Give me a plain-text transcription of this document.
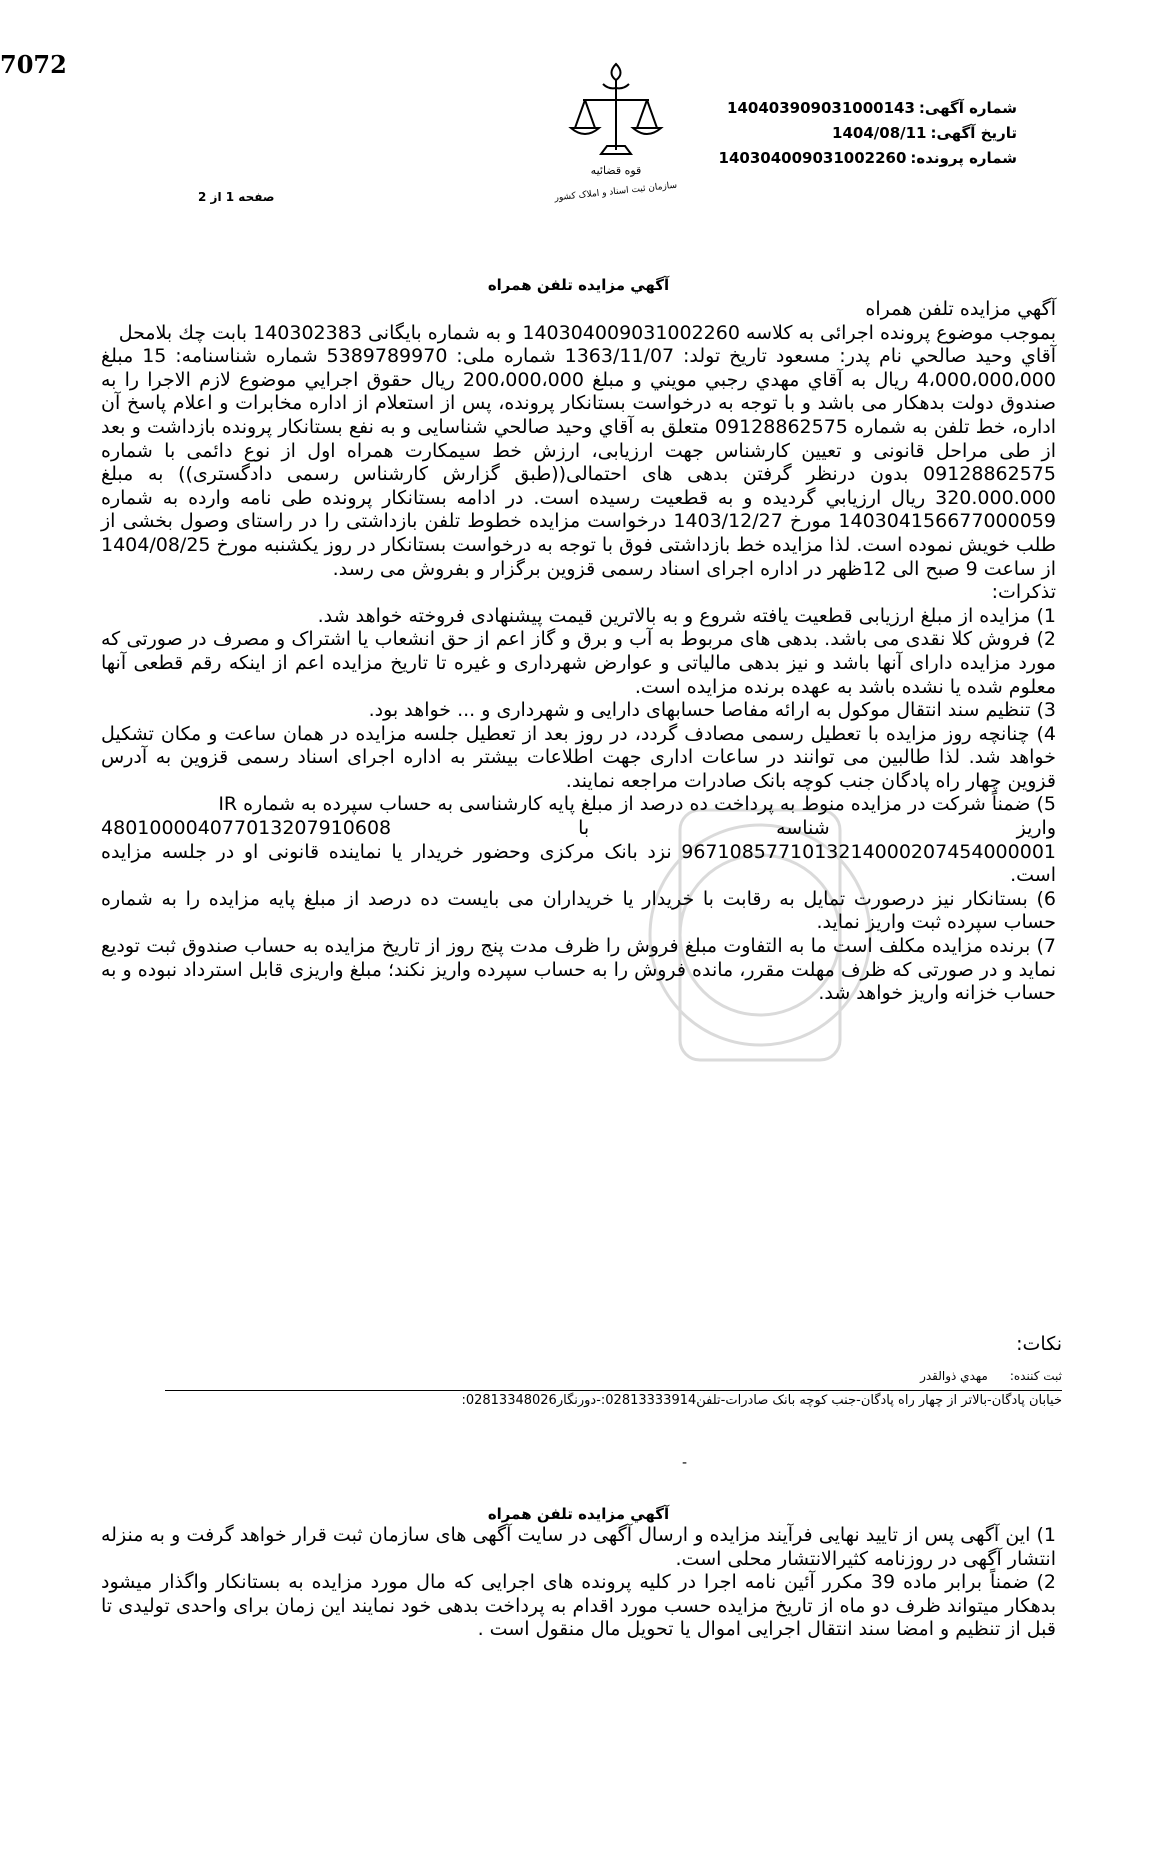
7072
شماره آگهی:140403909031000143
تاریخ آگهی:1404/08/11
شماره پرونده:140304009031002260
صفحه 1 از 2
قوه قضائیه
سازمان ثبت اسناد و املاک کشور
آگهي مزايده تلفن همراه

آگهي مزايده تلفن همراه

بموجب موضوع پرونده اجرائی به کلاسه 140304009031002260 و به شماره بایگانی 140302383 بابت چك بلامحل

آقاي وحيد صالحي نام پدر: مسعود تاريخ تولد: 1363/11/07 شماره ملی: 5389789970 شماره شناسنامه: 15 مبلغ 4،000،000،000 ريال به آقاي مهدي رجبي مويني و مبلغ 200،000،000 ريال حقوق اجرايي موضوع لازم الاجرا را به صندوق دولت بدهکار می باشد و با توجه به درخواست بستانكار پرونده، پس از استعلام از اداره مخابرات و اعلام پاسخ آن اداره، خط تلفن به شماره 09128862575 متعلق به آقاي وحيد صالحي شناسايی و به نفع بستانکار پرونده بازداشت و بعد از طی مراحل قانونی و تعيين كارشناس جهت ارزيابی، ارزش خط سيمكارت همراه اول از نوع دائمی با شماره 09128862575 بدون درنظر گرفتن بدهی های احتمالی((طبق گزارش كارشناس رسمی دادگستری)) به مبلغ 320.000.000 ريال ارزيابي گرديده و به قطعيت رسيده است. در ادامه بستانكار پرونده طی نامه وارده به شماره 140304156677000059 مورخ 1403/12/27 درخواست مزايده خطوط تلفن بازداشتی را در راستای وصول بخشی از طلب خويش نموده است. لذا مزايده خط بازداشتی فوق با توجه به درخواست بستانكار در روز يكشنبه مورخ 1404/08/25 از ساعت 9 صبح الی 12ظهر در اداره اجرای اسناد رسمی قزوين برگزار و بفروش می رسد.

تذکرات:

1) مزايده از مبلغ ارزيابی قطعيت يافته شروع و به بالاترين قيمت پيشنهادی فروخته خواهد شد.

2) فروش كلا نقدی می باشد. بدهی های مربوط به آب و برق و گاز اعم از حق انشعاب يا اشتراک و مصرف در صورتی كه مورد مزايده دارای آنها باشد و نيز بدهی مالياتی و عوارض شهرداری و غيره تا تاريخ مزايده اعم از اينكه رقم قطعی آنها معلوم شده يا نشده باشد به عهده برنده مزايده است.

3) تنظيم سند انتقال موکول به ارائه مفاصا حسابهای دارايی و شهرداری و ... خواهد بود.

4) چنانچه روز مزايده با تعطيل رسمی مصادف گردد، در روز بعد از تعطيل جلسه مزايده در همان ساعت و مكان تشكيل خواهد شد. لذا طالبين می توانند در ساعات اداری جهت اطلاعات بيشتر به اداره اجرای اسناد رسمی قزوين به آدرس قزوين چهار راه پادگان جنب كوچه بانک صادرات مراجعه نمايند.

5) ضمناً شركت در مزايده منوط به پرداخت ده درصد از مبلغ پايه كارشناسی به حساب سپرده به شماره IR

واريز
شناسه
با
480100004077013207910608

9671085771013214000207454000001 نزد بانک مرکزی وحضور خريدار يا نماينده قانونی او در جلسه مزايده است.

6) بستانكار نيز درصورت تمايل به رقابت با خريدار يا خريداران می بايست ده درصد از مبلغ پايه مزايده را به شماره حساب سپرده ثبت واريز نمايد.

7) برنده مزايده مكلف است ما به التفاوت مبلغ فروش را ظرف مدت پنج روز از تاريخ مزايده به حساب صندوق ثبت توديع نمايد و در صورتی كه ظرف مهلت مقرر، مانده فروش را به حساب سپرده واريز نكند؛ مبلغ واريزی قابل استرداد نبوده و به حساب خزانه واريز خواهد شد.

نکات:
ثبت کننده:مهدي ذوالقدر
خيابان پادگان-بالاتر از چهار راه پادگان-جنب كوچه بانک صادرات-تلفن02813333914:-دورنگار02813348026:
-
آگهي مزايده تلفن همراه

1) اين آگهی پس از تاييد نهايی فرآيند مزايده و ارسال آگهی در سايت آگهی های سازمان ثبت قرار خواهد گرفت و به منزله انتشار آگهی در روزنامه كثيرالانتشار محلی است.

2) ضمناً برابر ماده 39 مكرر آئين نامه اجرا در كليه پرونده های اجرايی كه مال مورد مزايده به بستانكار واگذار ميشود بدهكار ميتواند ظرف دو ماه از تاريخ مزايده حسب مورد اقدام به پرداخت بدهی خود نمايند اين زمان برای واحدی توليدی تا قبل از تنظيم و امضا سند انتقال اجرايی اموال يا تحويل مال منقول است .
